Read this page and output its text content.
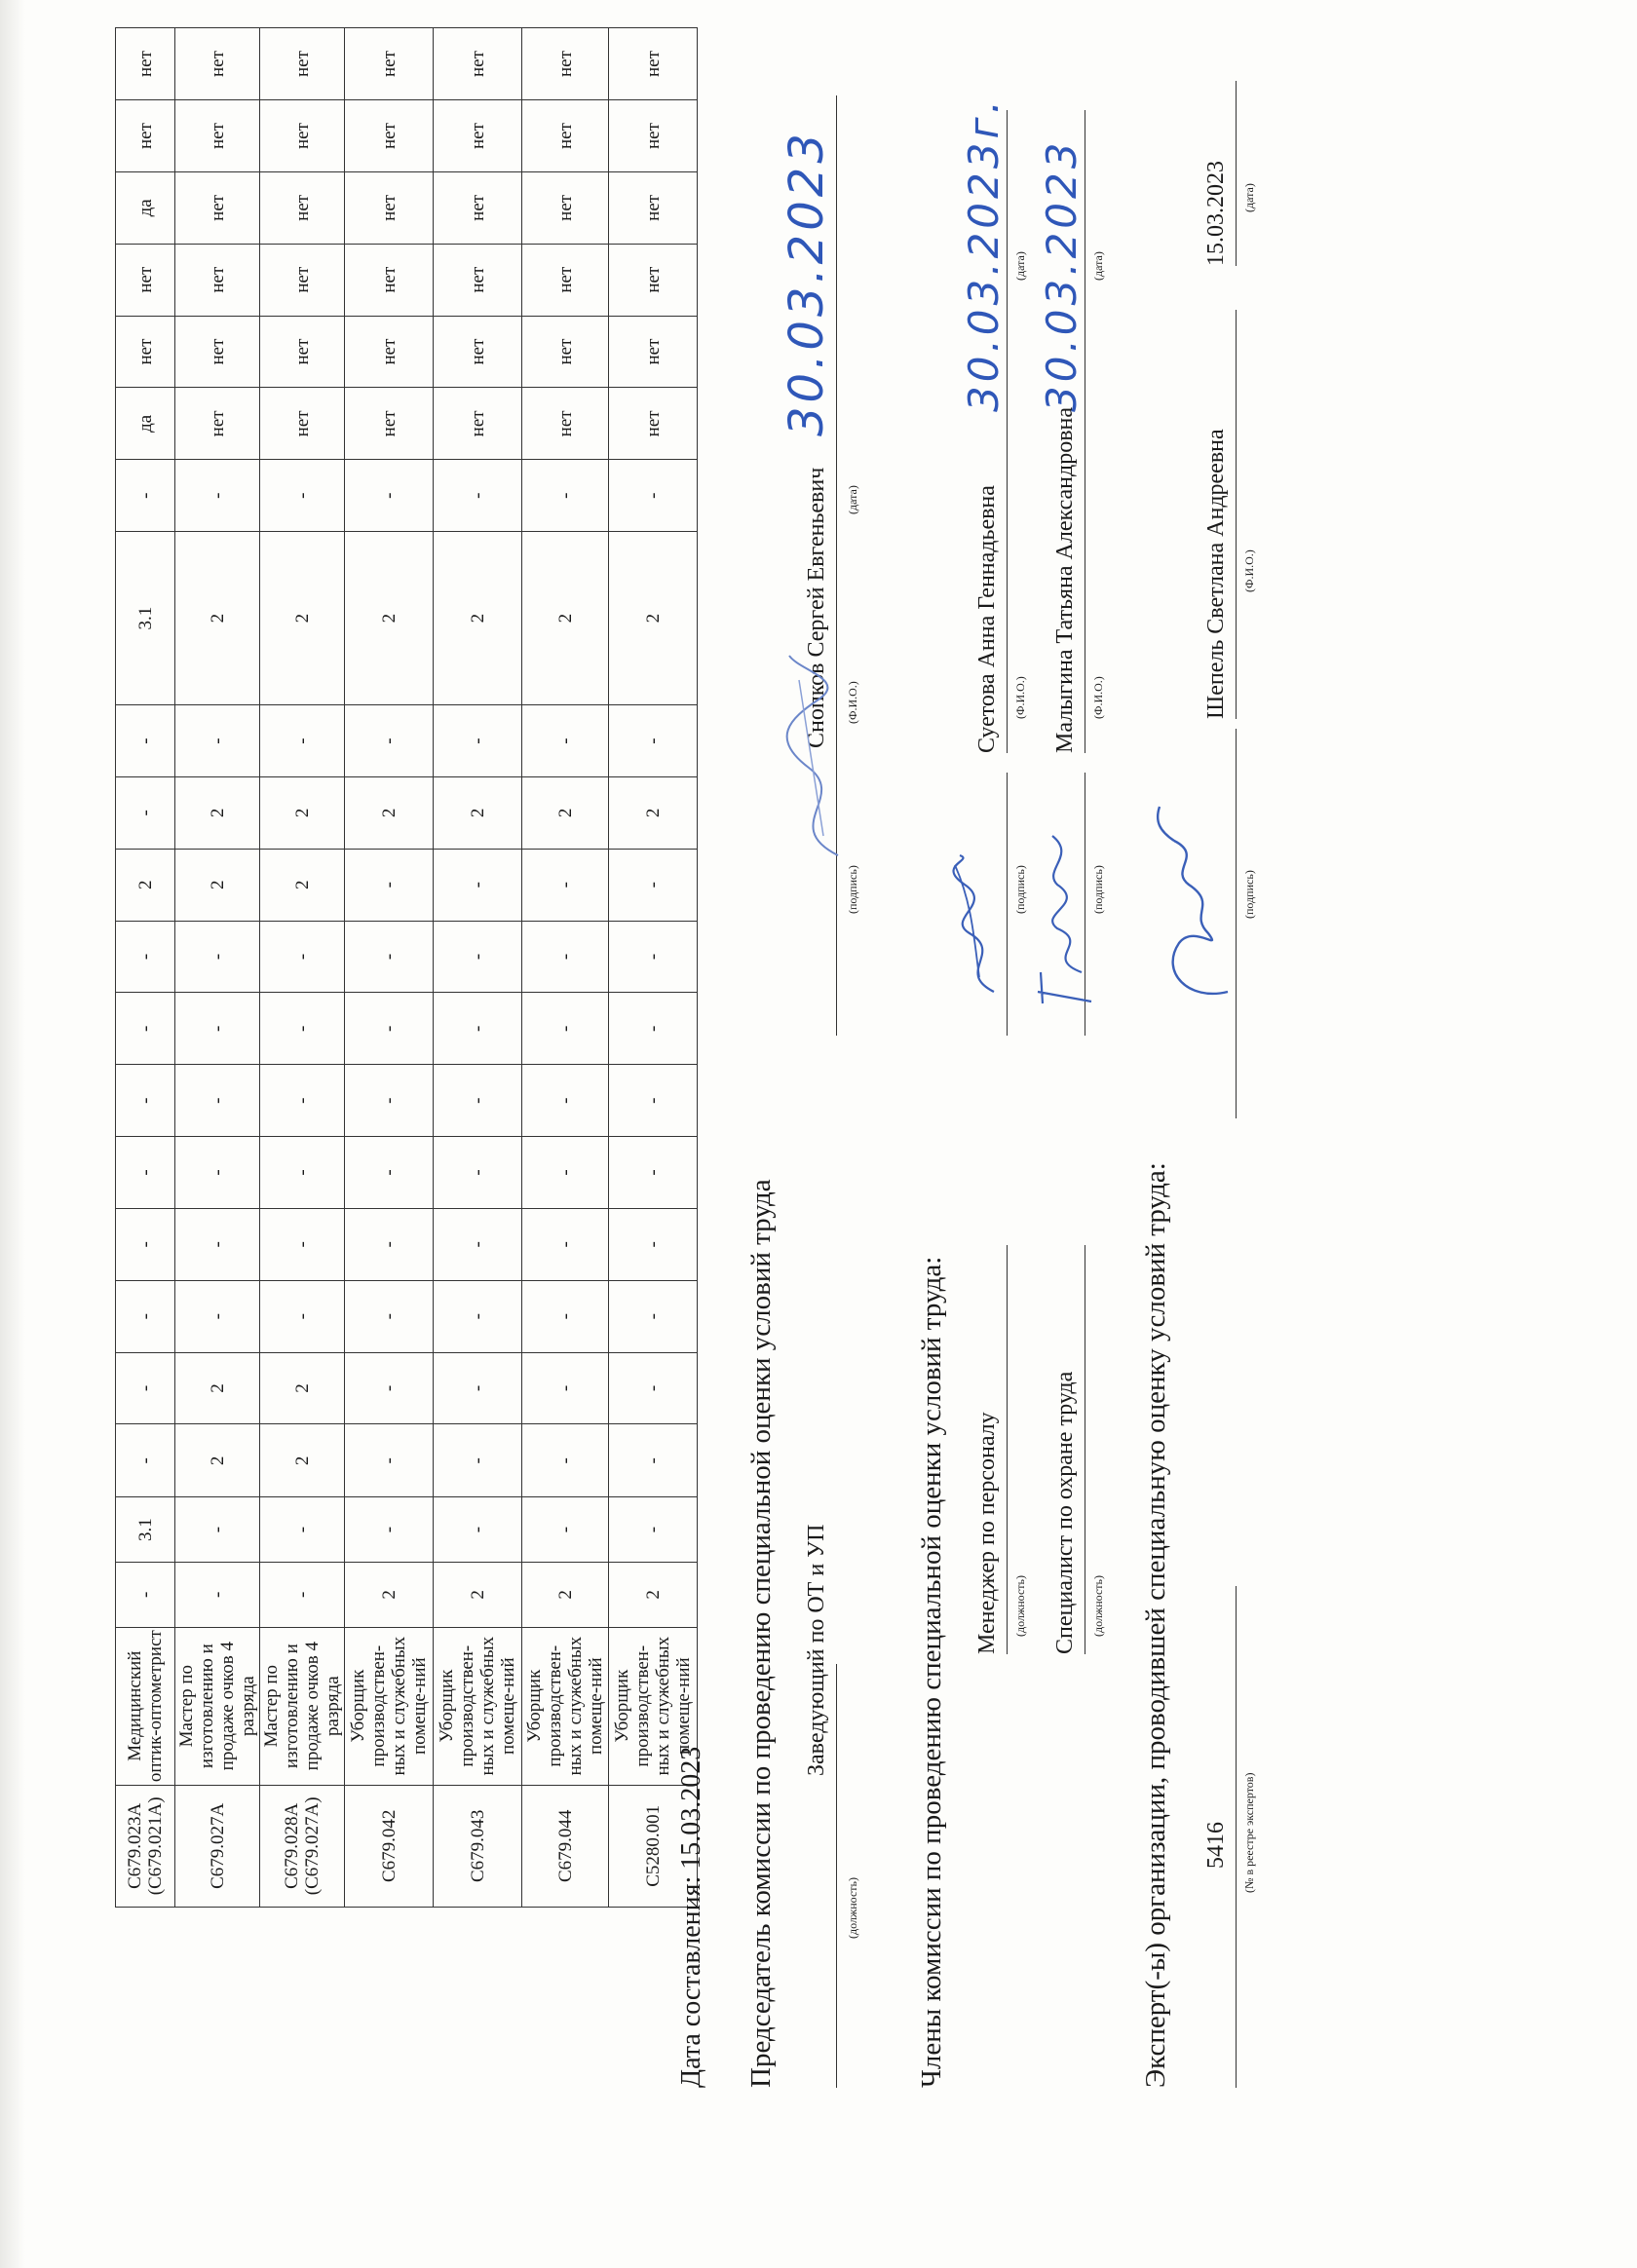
С679.023А (С679.021А)	Медицинский оптик-оптометрист	-	3.1	-	-	-	-	-	-	-	-	2	-	-	3.1	-	да	нет	нет	да	нет	нет
С679.027А	Мастер по изготовлению и продаже очков 4 разряда	-	-	2	2	-	-	-	-	-	-	2	2	-	2	-	нет	нет	нет	нет	нет	нет
С679.028А (С679.027А)	Мастер по изготовлению и продаже очков 4 разряда	-	-	2	2	-	-	-	-	-	-	2	2	-	2	-	нет	нет	нет	нет	нет	нет
С679.042	Уборщик производствен-ных и служебных помеще-ний	2	-	-	-	-	-	-	-	-	-	-	2	-	2	-	нет	нет	нет	нет	нет	нет
С679.043	Уборщик производствен-ных и служебных помеще-ний	2	-	-	-	-	-	-	-	-	-	-	2	-	2	-	нет	нет	нет	нет	нет	нет
С679.044	Уборщик производствен-ных и служебных помеще-ний	2	-	-	-	-	-	-	-	-	-	-	2	-	2	-	нет	нет	нет	нет	нет	нет
С5280.001	Уборщик производствен-ных и служебных помеще-ний	2	-	-	-	-	-	-	-	-	-	-	2	-	2	-	нет	нет	нет	нет	нет	нет
Дата составления: 15.03.2023 Председатель комиссии по проведению специальной оценки условий труда Заведующий по ОТ и УП
(должность)
(подпись)
Снопков Сергей Евгеньевич (Ф.И.О.)
(дата)
30.03.2023
Члены комиссии по проведению специальной оценки условий труда: Менеджер по персоналу (должность)
(подпись)
Суетова Анна Геннадьевна (Ф.И.О.)
(дата)
30.03.2023г.
Специалист по охране труда (должность)
(подпись)
Малыгина Татьяна Александровна (Ф.И.О.)
(дата)
30.03.2023
Эксперт(-ы) организации, проводившей специальную оценку условий труда: 5416 (№ в реестре экспертов)
(подпись)
Шепель Светлана Андреевна (Ф.И.О.)
15.03.2023 (дата)
